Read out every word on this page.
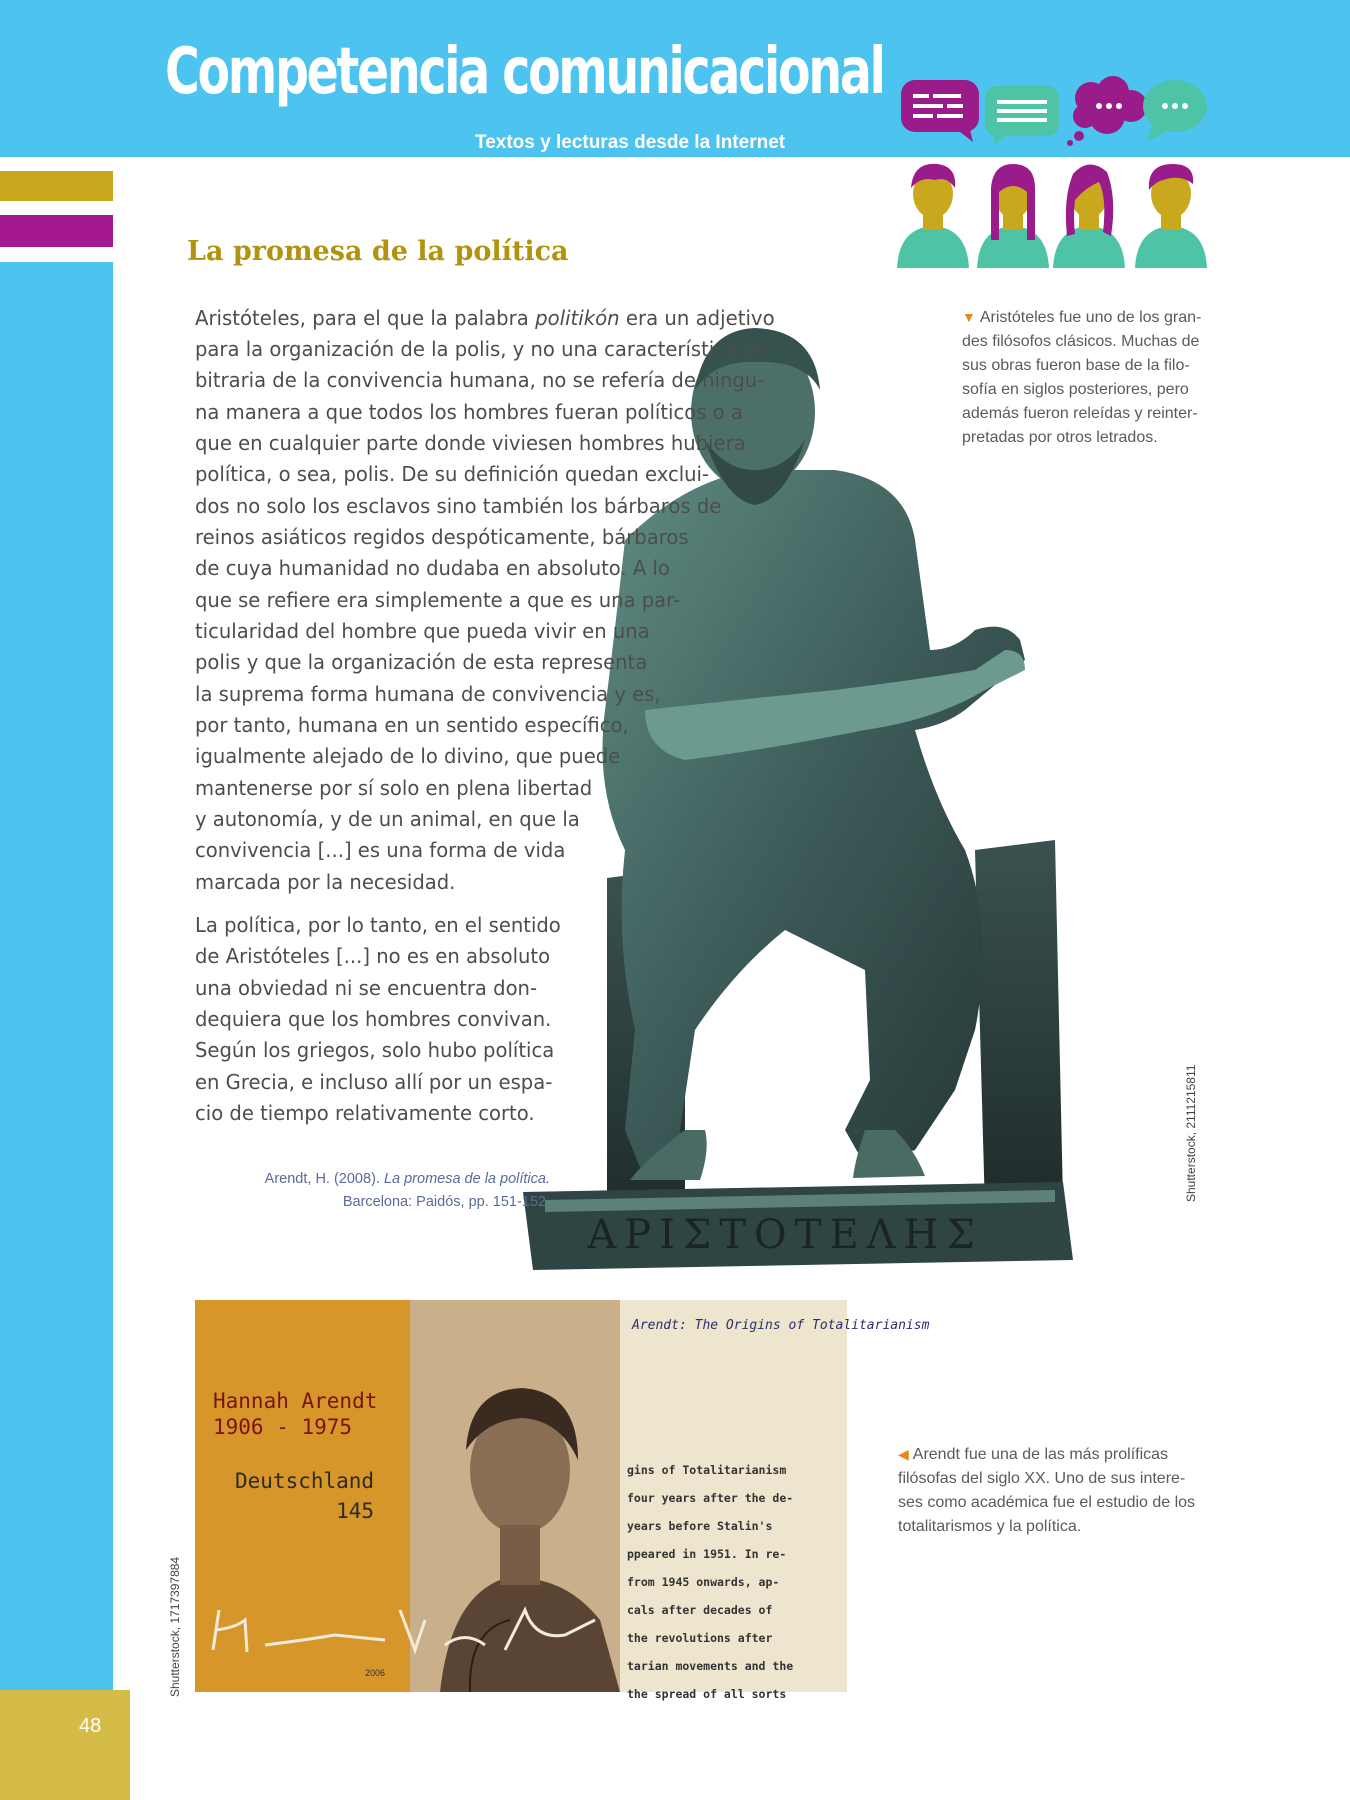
Competencia comunicacional
Textos y lecturas desde la Internet
48
La promesa de la política
ΑΡΙΣΤΟΤΕΛΗΣ
Aristóteles, para el que la palabra politikón era un adjetivo
para la organización de la polis, y no una característica ar-
bitraria de la convivencia humana, no se refería de ningu-
na manera a que todos los hombres fueran políticos o a
que en cualquier parte donde viviesen hombres hubiera
política, o sea, polis. De su definición quedan exclui-
dos no solo los esclavos sino también los bárbaros de
reinos asiáticos regidos despóticamente, bárbaros
de cuya humanidad no dudaba en absoluto. A lo
que se refiere era simplemente a que es una par-
ticularidad del hombre que pueda vivir en una
polis y que la organización de esta representa
la suprema forma humana de convivencia y es,
por tanto, humana en un sentido específico,
igualmente alejado de lo divino, que puede
mantenerse por sí solo en plena libertad
y autonomía, y de un animal, en que la
convivencia [...] es una forma de vida
marcada por la necesidad.
La política, por lo tanto, en el sentido
de Aristóteles [...] no es en absoluto
una obviedad ni se encuentra don-
dequiera que los hombres convivan.
Según los griegos, solo hubo política
en Grecia, e incluso allí por un espa-
cio de tiempo relativamente corto.
Arendt, H. (2008). La promesa de la política.
Barcelona: Paidós, pp. 151-152.
▼ Aristóteles fue uno de los gran-
des filósofos clásicos. Muchas de
sus obras fueron base de la filo-
sofía en siglos posteriores, pero
además fueron releídas y reinter-
pretadas por otros letrados.
Shutterstock, 2111215811
Hannah Arendt
1906 - 1975
Deutschland
145
2006
Arendt: The Origins of Totalitarianism
gins of Totalitarianism
four years after the de-
years before Stalin's
ppeared in 1951. In re-
from 1945 onwards, ap-
cals after decades of
the revolutions after
tarian movements and the
the spread of all sorts
Shutterstock, 1717397884
◀ Arendt fue una de las más prolíficas
filósofas del siglo XX. Uno de sus intere-
ses como académica fue el estudio de los
totalitarismos y la política.
